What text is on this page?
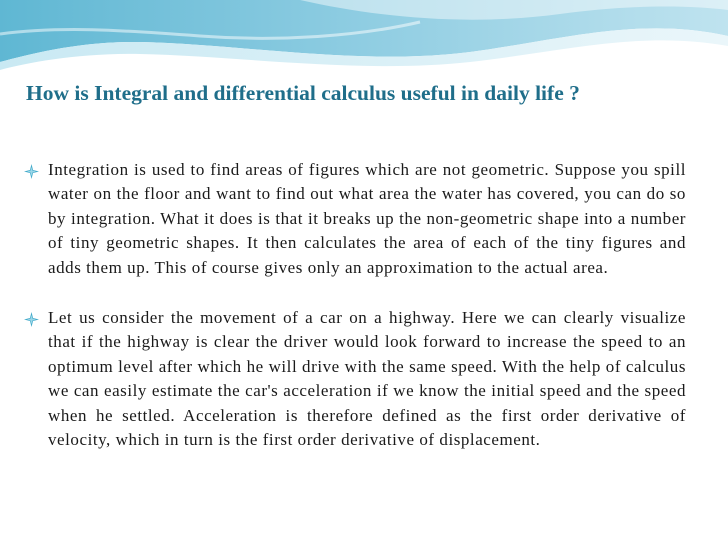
How is Integral and differential calculus useful in daily life ?

Integration is used to find areas of figures which are not geometric. Suppose you spill water on the floor and want to find out what area the water has covered, you can do so by integration. What it does is that it breaks up the non-geometric shape into a number of tiny geometric shapes. It then calculates the area of each of the tiny figures and adds them up. This of course gives only an approximation to the actual area.

Let us consider the movement of a car on a highway. Here we can clearly visualize that if the highway is clear the driver would look forward to increase the speed to an optimum level after which he will drive with the same speed. With the help of calculus we can easily estimate the car's acceleration if we know the initial speed and the speed when he settled. Acceleration is therefore defined as the first order derivative of velocity, which in turn is the first order derivative of displacement.
